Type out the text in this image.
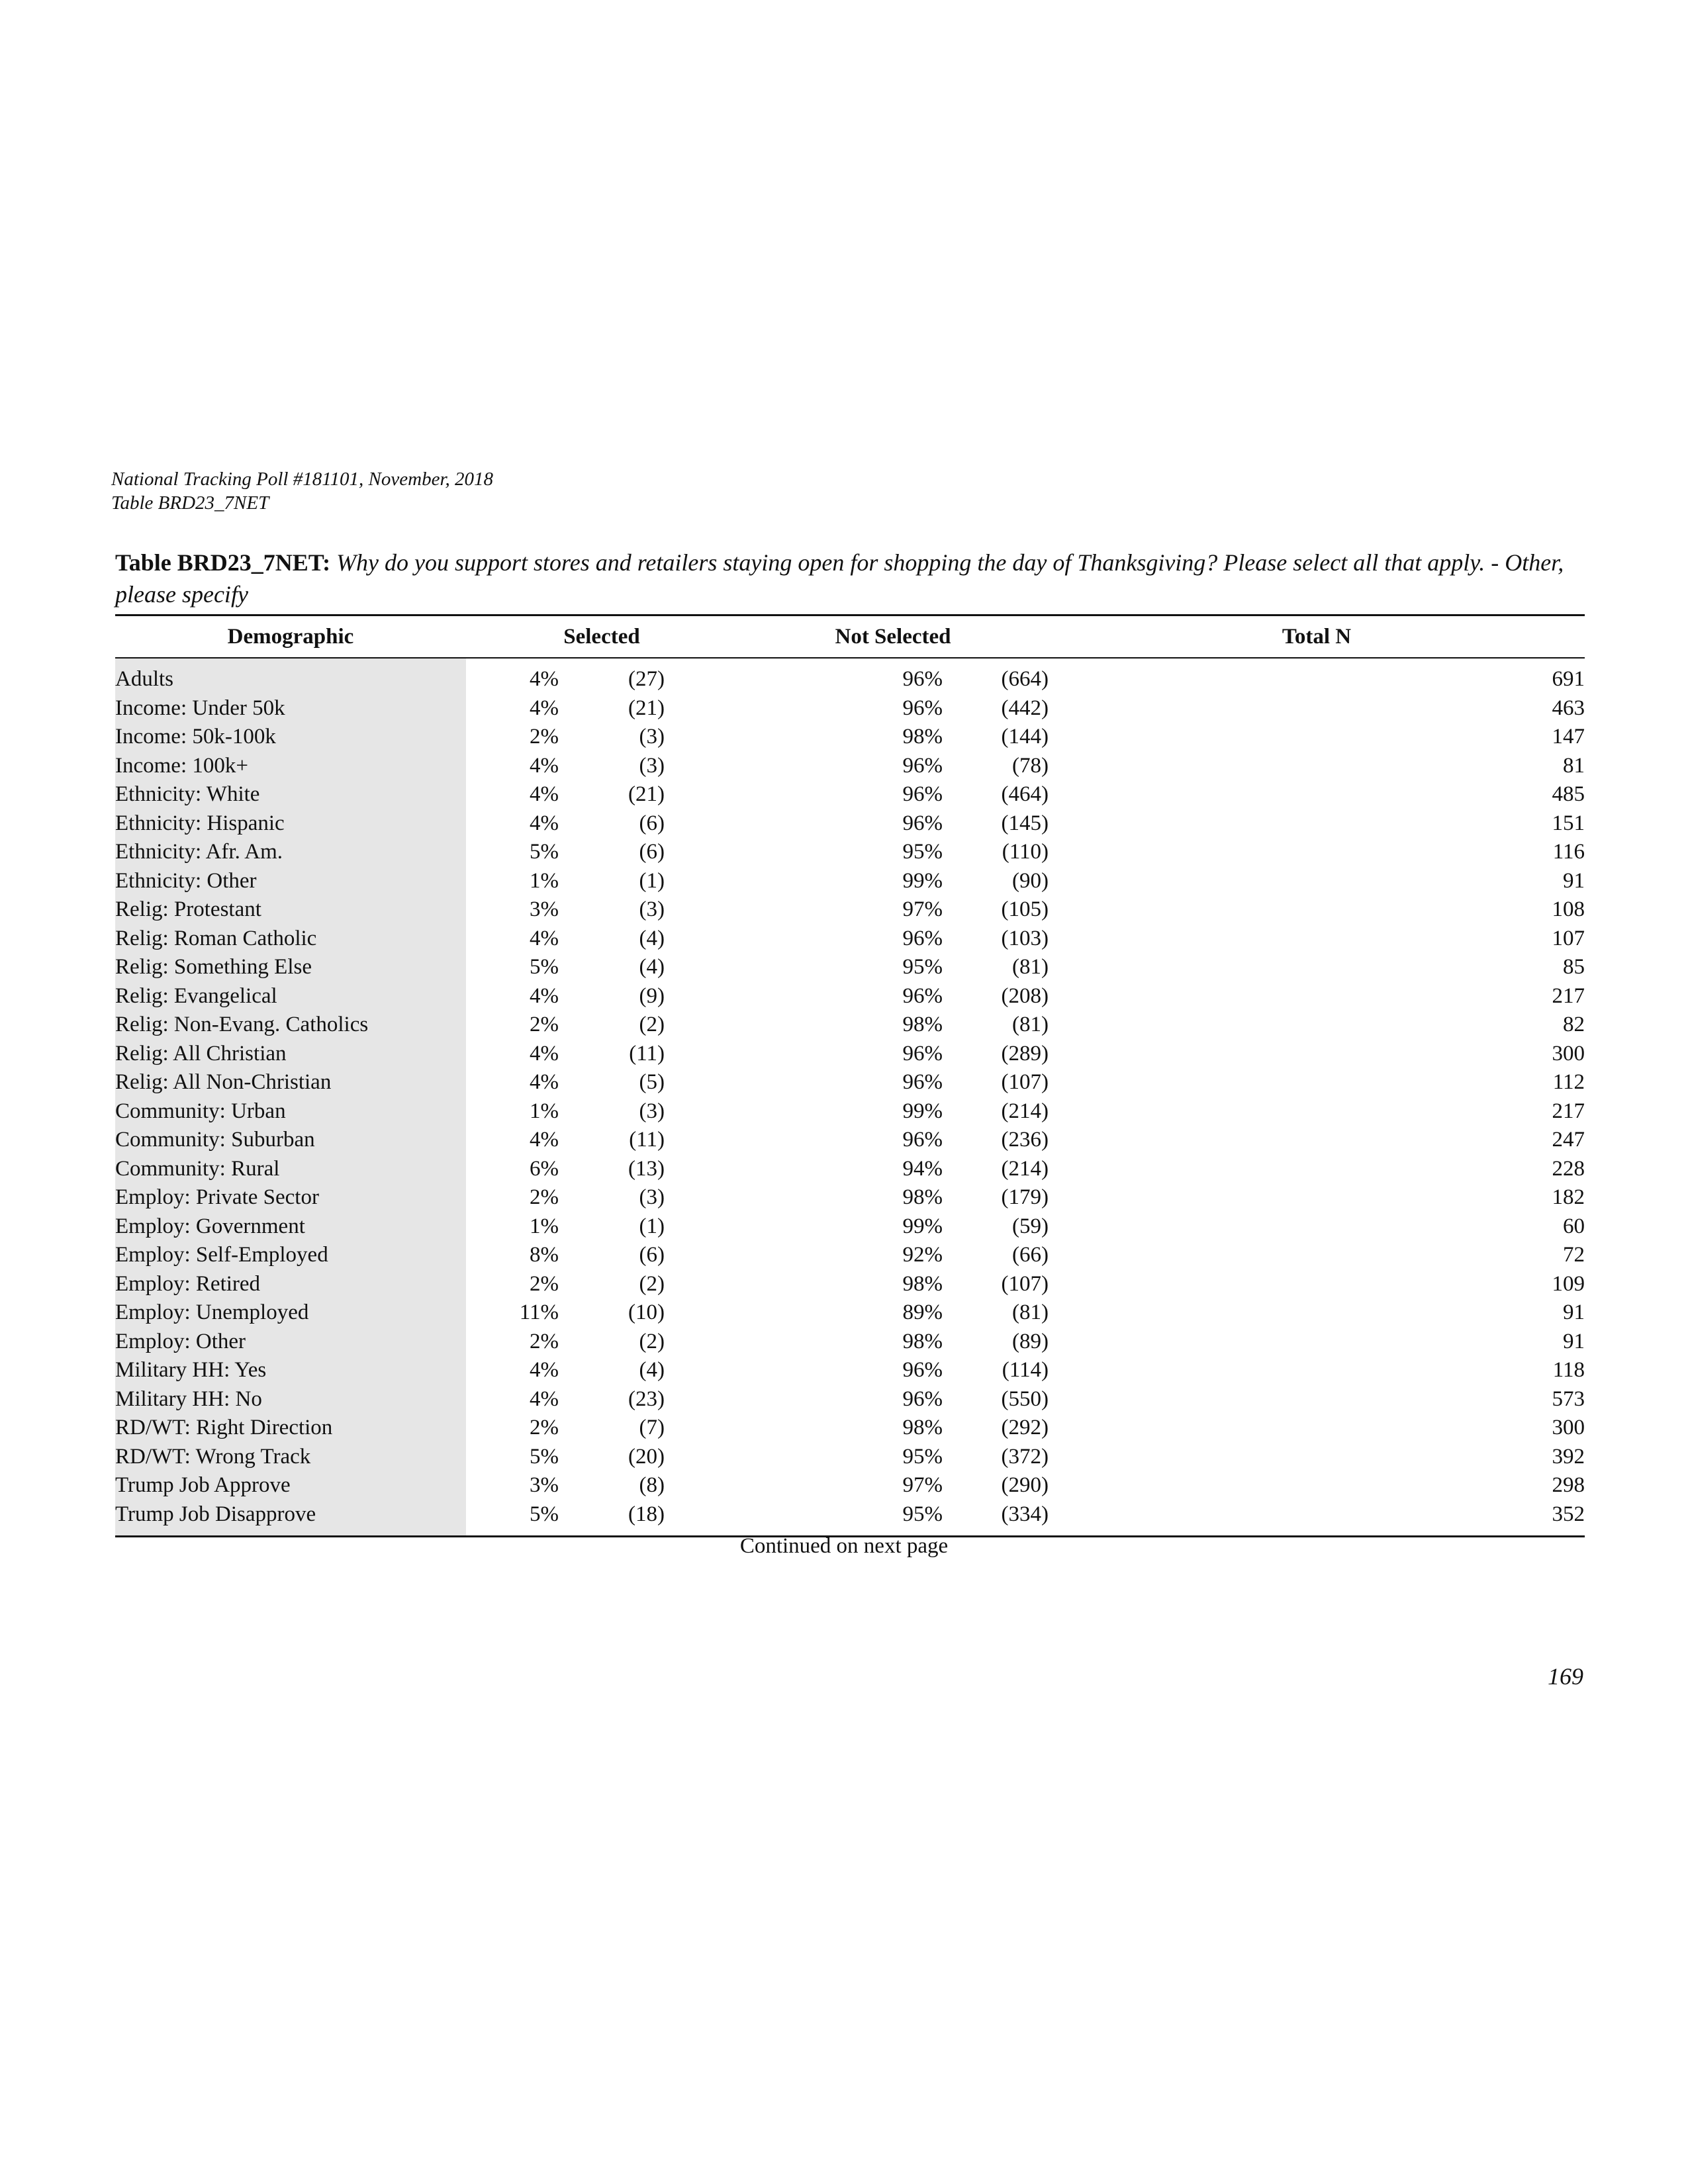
National Tracking Poll #181101, November, 2018
Table BRD23_7NET
Table BRD23_7NET: Why do you support stores and retailers staying open for shopping the day of Thanksgiving? Please select all that apply. - Other, please specify
Demographic	Selected			Not Selected		Total N

Adults	4%	(27)		96%	(664)	691
Income: Under 50k	4%	(21)		96%	(442)	463
Income: 50k-100k	2%	(3)		98%	(144)	147
Income: 100k+	4%	(3)		96%	(78)	81
Ethnicity: White	4%	(21)		96%	(464)	485
Ethnicity: Hispanic	4%	(6)		96%	(145)	151
Ethnicity: Afr. Am.	5%	(6)		95%	(110)	116
Ethnicity: Other	1%	(1)		99%	(90)	91
Relig: Protestant	3%	(3)		97%	(105)	108
Relig: Roman Catholic	4%	(4)		96%	(103)	107
Relig: Something Else	5%	(4)		95%	(81)	85
Relig: Evangelical	4%	(9)		96%	(208)	217
Relig: Non-Evang. Catholics	2%	(2)		98%	(81)	82
Relig: All Christian	4%	(11)		96%	(289)	300
Relig: All Non-Christian	4%	(5)		96%	(107)	112
Community: Urban	1%	(3)		99%	(214)	217
Community: Suburban	4%	(11)		96%	(236)	247
Community: Rural	6%	(13)		94%	(214)	228
Employ: Private Sector	2%	(3)		98%	(179)	182
Employ: Government	1%	(1)		99%	(59)	60
Employ: Self-Employed	8%	(6)		92%	(66)	72
Employ: Retired	2%	(2)		98%	(107)	109
Employ: Unemployed	11%	(10)		89%	(81)	91
Employ: Other	2%	(2)		98%	(89)	91
Military HH: Yes	4%	(4)		96%	(114)	118
Military HH: No	4%	(23)		96%	(550)	573
RD/WT: Right Direction	2%	(7)		98%	(292)	300
RD/WT: Wrong Track	5%	(20)		95%	(372)	392
Trump Job Approve	3%	(8)		97%	(290)	298
Trump Job Disapprove	5%	(18)		95%	(334)	352

Continued on next page
169
